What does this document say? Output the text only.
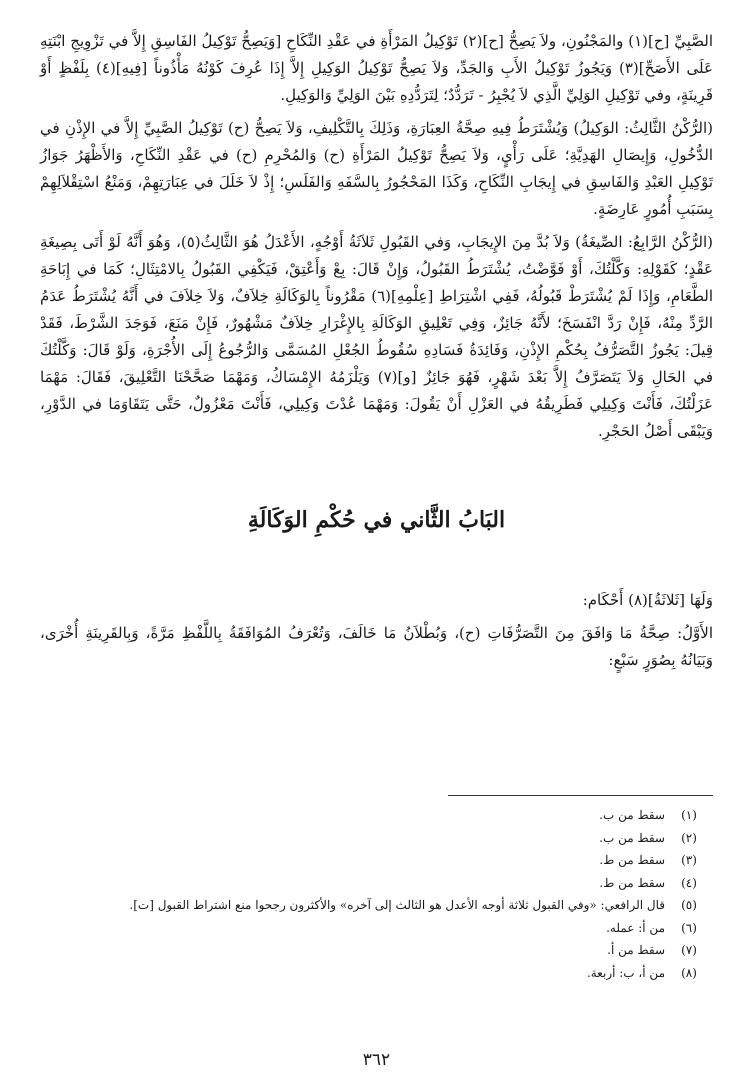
الصَّبِيِّ [ح](١) والمَجْنُونِ، ولاَ يَصِحُّ [ح](٢) تَوْكِيلُ المَرْأَةِ في عَقْدِ النِّكَاحِ [وَيَصِحُّ تَوْكِيلُ الفَاسِقِ إِلاَّ في تَزْوِيجِ ابْنَتِهِ عَلَى الأَصَحِّ](٣) وَيَجُوزُ تَوْكِيلُ الأَبِ وَالجَدِّ، وَلاَ يَصِحُّ تَوْكِيلُ الوَكِيلِ إِلاَّ إِذَا عُرِفَ كَوْنُهُ مَأْذُوناً [فِيهِ](٤) بِلَفْظٍ أَوْ قَرِينَةٍ، وفي تَوْكِيلِ الوَلِيِّ الَّذِي لاَ يُجْبِرُ - تَرَدُّدٌ؛ لِتَرَدُّدِهِ بَيْنَ الوَلِيِّ وَالوَكِيلِ.

(الرُّكْنُ الثَّالِثُ: الوَكِيلُ) وَيُشْتَرَطُ فِيهِ صِحَّةُ العِبَارَةِ، وَذَلِكَ بِالتَّكْلِيفِ، وَلاَ يَصِحُّ (ح) تَوْكِيلُ الصَّبِيِّ إِلاَّ في الإِذْنِ في الدُّخُولِ، وَإِيصَالِ الهَدِيَّةِ؛ عَلَى رَأْيٍ، وَلاَ يَصِحُّ تَوْكِيلُ المَرْأَةِ (ح) وَالمُحْرِمِ (ح) في عَقْدِ النِّكَاحِ، وَالأَظْهَرُ جَوَازُ تَوْكِيلِ العَبْدِ وَالفَاسِقِ في إِيجَابِ النِّكَاحِ، وَكَذَا المَحْجُورُ بِالسَّفَهِ وَالفَلَسِ؛ إِذْ لاَ خَلَلَ في عِبَارَتِهِمْ، وَمَنْعُ اسْتِقْلاَلِهِمْ بِسَبَبِ أُمُورٍ عَارِضَةٍ.

(الرُّكْنُ الرَّابِعُ: الصِّيغَةُ) وَلاَ بُدَّ مِنَ الإِيجَابِ، وَفي القَبُولِ ثَلاَثَةُ أَوْجُهٍ، الأَعْدَلُ هُوَ الثَّالِثُ(٥)، وَهُوَ أَنَّهُ لَوْ أَتَى بِصِيغَةِ عَقْدٍ؛ كَقَوْلِهِ: وَكَّلْتُكَ، أَوْ فَوَّضْتُ، يُشْتَرَطُ القَبُولُ، وَإِنْ قَالَ: بِعْ وَأَعْتِقْ، فَيَكْفِي القَبُولُ بِالامْتِثَالِ؛ كَمَا في إِبَاحَةِ الطَّعَامِ، وَإِذَا لَمْ يُشْتَرَطْ قَبُولُهُ، فَفِي اشْتِرَاطِ [عِلْمِهِ](٦) مَقْرُوناً بِالوَكَالَةِ خِلاَفٌ، وَلاَ خِلاَفَ في أَنَّهُ يُشْتَرَطُ عَدَمُ الرَّدِّ مِنْهُ، فَإِنْ رَدَّ انْفَسَخَ؛ لأَنَّهُ جَائِزٌ، وَفِي تَعْلِيقِ الوَكَالَةِ بِالإِغْرَارِ خِلاَفٌ مَشْهُورٌ، فَإِنْ مَنَعَ، فَوَجَدَ الشَّرْطَ، فَقَدْ قِيلَ: يَجُوزُ التَّصَرُّفُ بِحُكْمِ الإِذْنِ، وَفَائِدَةُ فَسَادِهِ سُقُوطُ الجُعْلِ المُسَمَّى وَالرُّجُوعُ إِلَى الأُجْرَةِ، وَلَوْ قَالَ: وَكَّلْتُكَ في الحَالِ وَلاَ يَتَصَرَّفُ إِلاَّ بَعْدَ شَهْرٍ، فَهُوَ جَائِزٌ [و](٧) وَيَلْزَمُهُ الإِمْسَاكُ، وَمَهْمَا صَحَّحْنَا التَّعْلِيقَ، فَقَالَ: مَهْمَا عَزَلْتُكَ، فَأَنْتَ وَكِيلِي فَطَرِيقُهُ في العَزْلِ أَنْ يَقُولَ: وَمَهْمَا عُدْتَ وَكِيلِي، فَأَنْتَ مَعْزُولٌ، حَتَّى يَتَقَاوَمَا في الدَّوْرِ، وَيَبْقَى أَصْلُ الحَجْرِ.

البَابُ الثَّاني في حُكْمِ الوَكَالَةِ

وَلَهَا [ثَلاثَةُ](٨) أَحْكَام:

الأَوَّلُ: صِحَّةُ مَا وَافَقَ مِنَ التَّصَرُّفَاتِ (ح)، وَبُطْلاَنُ مَا خَالَفَ، وَتُعْرَفُ المُوَافَقَةُ بِاللَّفْظِ مَرَّةً، وَبِالقَرِينَةِ أُخْرَى، وَبَيَانُهُ بِصُوَرٍ سَبْعٍ:

(١)
سقط من ب.
(٢)
سقط من ب.
(٣)
سقط من ط.
(٤)
سقط من ط.
(٥)
قال الرافعي: «وفي القبول ثلاثة أوجه الأعدل هو الثالث إلى آخره» والأكثرون رجحوا منع اشتراط القبول [ت].
(٦)
من أ: عمله.
(٧)
سقط من أ.
(٨)
من أ، ب: أربعة.
٣٦٢
